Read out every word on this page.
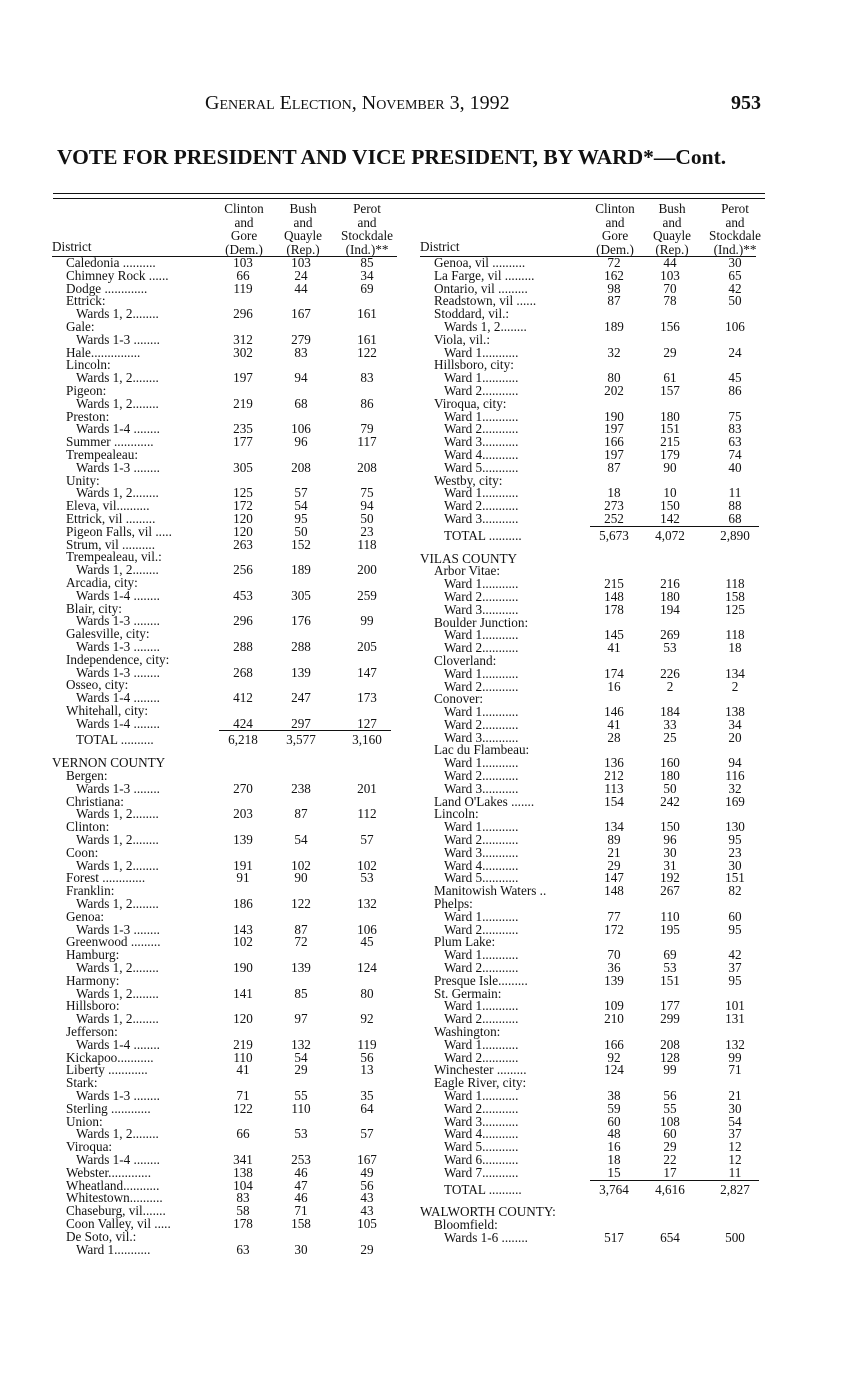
General Election, November 3, 1992	953
VOTE FOR PRESIDENT AND VICE PRESIDENT, BY WARD*—Cont.
District
Clinton
and
Gore
(Dem.)
Bush
and
Quayle
(Rep.)
Perot
and
Stockdale
(Ind.)**
Caledonia ..........	103	103	85
Chimney Rock ......	66	24	34
Dodge .............	119	44	69
Ettrick:
Wards 1, 2........	296	167	161
Gale:
Wards 1-3 ........	312	279	161
Hale...............	302	83	122
Lincoln:
Wards 1, 2........	197	94	83
Pigeon:
Wards 1, 2........	219	68	86
Preston:
Wards 1-4 ........	235	106	79
Summer ............	177	96	117
Trempealeau:
Wards 1-3 ........	305	208	208
Unity:
Wards 1, 2........	125	57	75
Eleva, vil..........	172	54	94
Ettrick, vil .........	120	95	50
Pigeon Falls, vil .....	120	50	23
Strum, vil ..........	263	152	118
Trempealeau, vil.:
Wards 1, 2........	256	189	200
Arcadia, city:
Wards 1-4 ........	453	305	259
Blair, city:
Wards 1-3 ........	296	176	99
Galesville, city:
Wards 1-3 ........	288	288	205
Independence, city:
Wards 1-3 ........	268	139	147
Osseo, city:
Wards 1-4 ........	412	247	173
Whitehall, city:
Wards 1-4 ........	424	297	127
TOTAL ..........	6,218	3,577	3,160
VERNON COUNTY
Bergen:
Wards 1-3 ........	270	238	201
Christiana:
Wards 1, 2........	203	87	112
Clinton:
Wards 1, 2........	139	54	57
Coon:
Wards 1, 2........	191	102	102
Forest .............	91	90	53
Franklin:
Wards 1, 2........	186	122	132
Genoa:
Wards 1-3 ........	143	87	106
Greenwood .........	102	72	45
Hamburg:
Wards 1, 2........	190	139	124
Harmony:
Wards 1, 2........	141	85	80
Hillsboro:
Wards 1, 2........	120	97	92
Jefferson:
Wards 1-4 ........	219	132	119
Kickapoo...........	110	54	56
Liberty ............	41	29	13
Stark:
Wards 1-3 ........	71	55	35
Sterling ............	122	110	64
Union:
Wards 1, 2........	66	53	57
Viroqua:
Wards 1-4 ........	341	253	167
Webster.............	138	46	49
Wheatland...........	104	47	56
Whitestown..........	83	46	43
Chaseburg, vil.......	58	71	43
Coon Valley, vil .....	178	158	105
De Soto, vil.:
Ward 1...........	63	30	29
District
Clinton
and
Gore
(Dem.)
Bush
and
Quayle
(Rep.)
Perot
and
Stockdale
(Ind.)**
Genoa, vil ..........	72	44	30
La Farge, vil .........	162	103	65
Ontario, vil .........	98	70	42
Readstown, vil ......	87	78	50
Stoddard, vil.:
Wards 1, 2........	189	156	106
Viola, vil.:
Ward 1...........	32	29	24
Hillsboro, city:
Ward 1...........	80	61	45
Ward 2...........	202	157	86
Viroqua, city:
Ward 1...........	190	180	75
Ward 2...........	197	151	83
Ward 3...........	166	215	63
Ward 4...........	197	179	74
Ward 5...........	87	90	40
Westby, city:
Ward 1...........	18	10	11
Ward 2...........	273	150	88
Ward 3...........	252	142	68
TOTAL ..........	5,673	4,072	2,890
VILAS COUNTY
Arbor Vitae:
Ward 1...........	215	216	118
Ward 2...........	148	180	158
Ward 3...........	178	194	125
Boulder Junction:
Ward 1...........	145	269	118
Ward 2...........	41	53	18
Cloverland:
Ward 1...........	174	226	134
Ward 2...........	16	2	2
Conover:
Ward 1...........	146	184	138
Ward 2...........	41	33	34
Ward 3...........	28	25	20
Lac du Flambeau:
Ward 1...........	136	160	94
Ward 2...........	212	180	116
Ward 3...........	113	50	32
Land O'Lakes .......	154	242	169
Lincoln:
Ward 1...........	134	150	130
Ward 2...........	89	96	95
Ward 3...........	21	30	23
Ward 4...........	29	31	30
Ward 5...........	147	192	151
Manitowish Waters ..	148	267	82
Phelps:
Ward 1...........	77	110	60
Ward 2...........	172	195	95
Plum Lake:
Ward 1...........	70	69	42
Ward 2...........	36	53	37
Presque Isle.........	139	151	95
St. Germain:
Ward 1...........	109	177	101
Ward 2...........	210	299	131
Washington:
Ward 1...........	166	208	132
Ward 2...........	92	128	99
Winchester .........	124	99	71
Eagle River, city:
Ward 1...........	38	56	21
Ward 2...........	59	55	30
Ward 3...........	60	108	54
Ward 4...........	48	60	37
Ward 5...........	16	29	12
Ward 6...........	18	22	12
Ward 7...........	15	17	11
TOTAL ..........	3,764	4,616	2,827
WALWORTH COUNTY:
Bloomfield:
Wards 1-6 ........	517	654	500
